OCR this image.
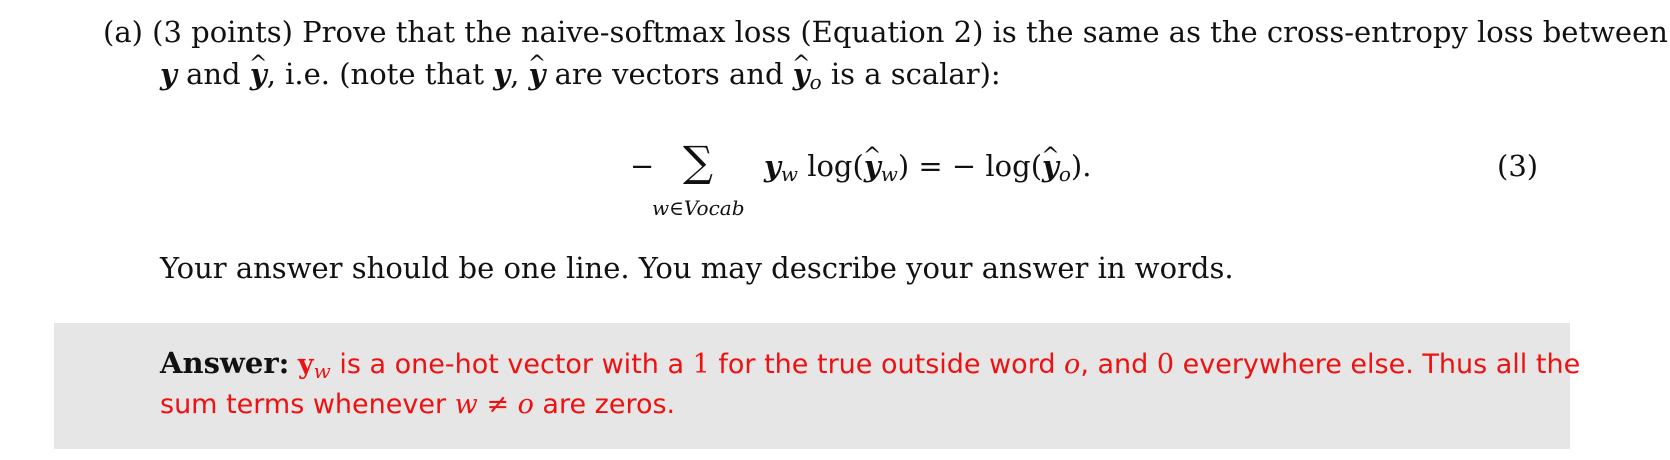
(a) (3 points) Prove that the naive-softmax loss (Equation 2) is the same as the cross-entropy loss between
y and ^ y, i.e. (note that y, ^ y are vectors and ^ $y_o$ is a scalar):
− ∑
w∈Vocab
$y_w$ log(^ $y_w$) = − log(^ $y_o$).	(3)
Your answer should be one line. You may describe your answer in words.
Answer: $y_w$ is a one-hot vector with a 1 for the true outside word o, and 0 everywhere else. Thus all the
sum terms whenever w ≠ o are zeros.
